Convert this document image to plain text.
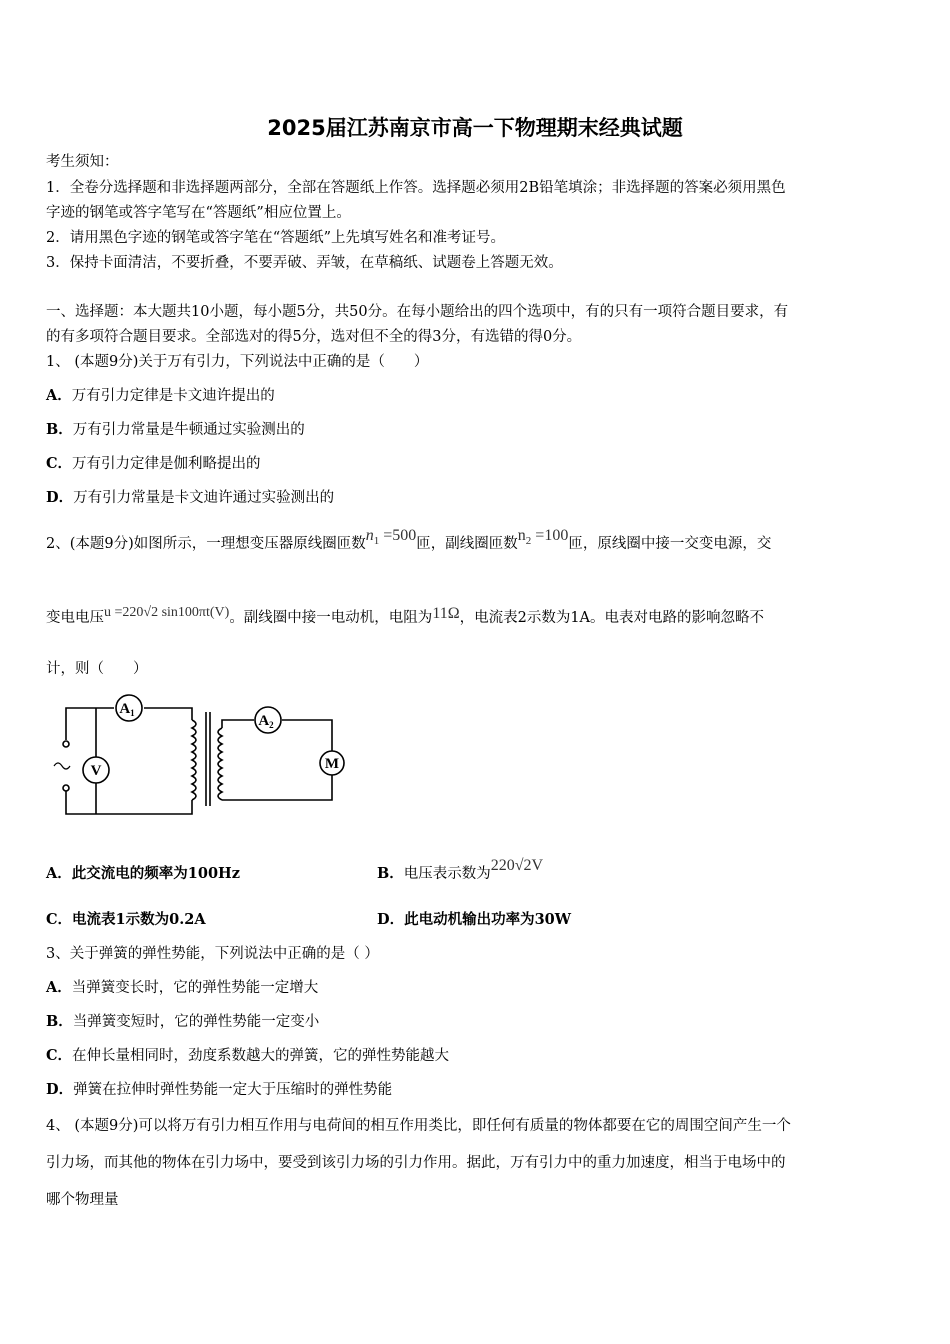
2025届江苏南京市高一下物理期末经典试题
考生须知：
1．全卷分选择题和非选择题两部分，全部在答题纸上作答。选择题必须用2B铅笔填涂；非选择题的答案必须用黑色
字迹的钢笔或答字笔写在“答题纸”相应位置上。
2．请用黑色字迹的钢笔或答字笔在“答题纸”上先填写姓名和准考证号。
3．保持卡面清洁，不要折叠，不要弄破、弄皱，在草稿纸、试题卷上答题无效。
一、选择题：本大题共10小题，每小题5分，共50分。在每小题给出的四个选项中，有的只有一项符合题目要求，有
的有多项符合题目要求。全部选对的得5分，选对但不全的得3分，有选错的得0分。
1、 (本题9分)关于万有引力，下列说法中正确的是（　　）
A．万有引力定律是卡文迪许提出的
B．万有引力常量是牛顿通过实验测出的
C．万有引力定律是伽利略提出的
D．万有引力常量是卡文迪许通过实验测出的
2、(本题9分)如图所示，一理想变压器原线圈匝数$n_1 =500$匝，副线圈匝数$n_2 =100$匝，原线圈中接一交变电源，交
变电电压u =220√2 sin100πt(V)。副线圈中接一电动机，电阻为11Ω，电流表2示数为1A。电表对电路的影响忽略不
计，则（　　）
$A_1$	$A_2$
V	M
A．此交流电的频率为100Hz	B．电压表示数为220√2V
C．电流表1示数为0.2A	D．此电动机输出功率为30W
3、关于弹簧的弹性势能，下列说法中正确的是（ ）
A．当弹簧变长时，它的弹性势能一定增大
B．当弹簧变短时，它的弹性势能一定变小
C．在伸长量相同时，劲度系数越大的弹簧，它的弹性势能越大
D．弹簧在拉伸时弹性势能一定大于压缩时的弹性势能
4、 (本题9分)可以将万有引力相互作用与电荷间的相互作用类比，即任何有质量的物体都要在它的周围空间产生一个
引力场，而其他的物体在引力场中，要受到该引力场的引力作用。据此，万有引力中的重力加速度，相当于电场中的
哪个物理量
